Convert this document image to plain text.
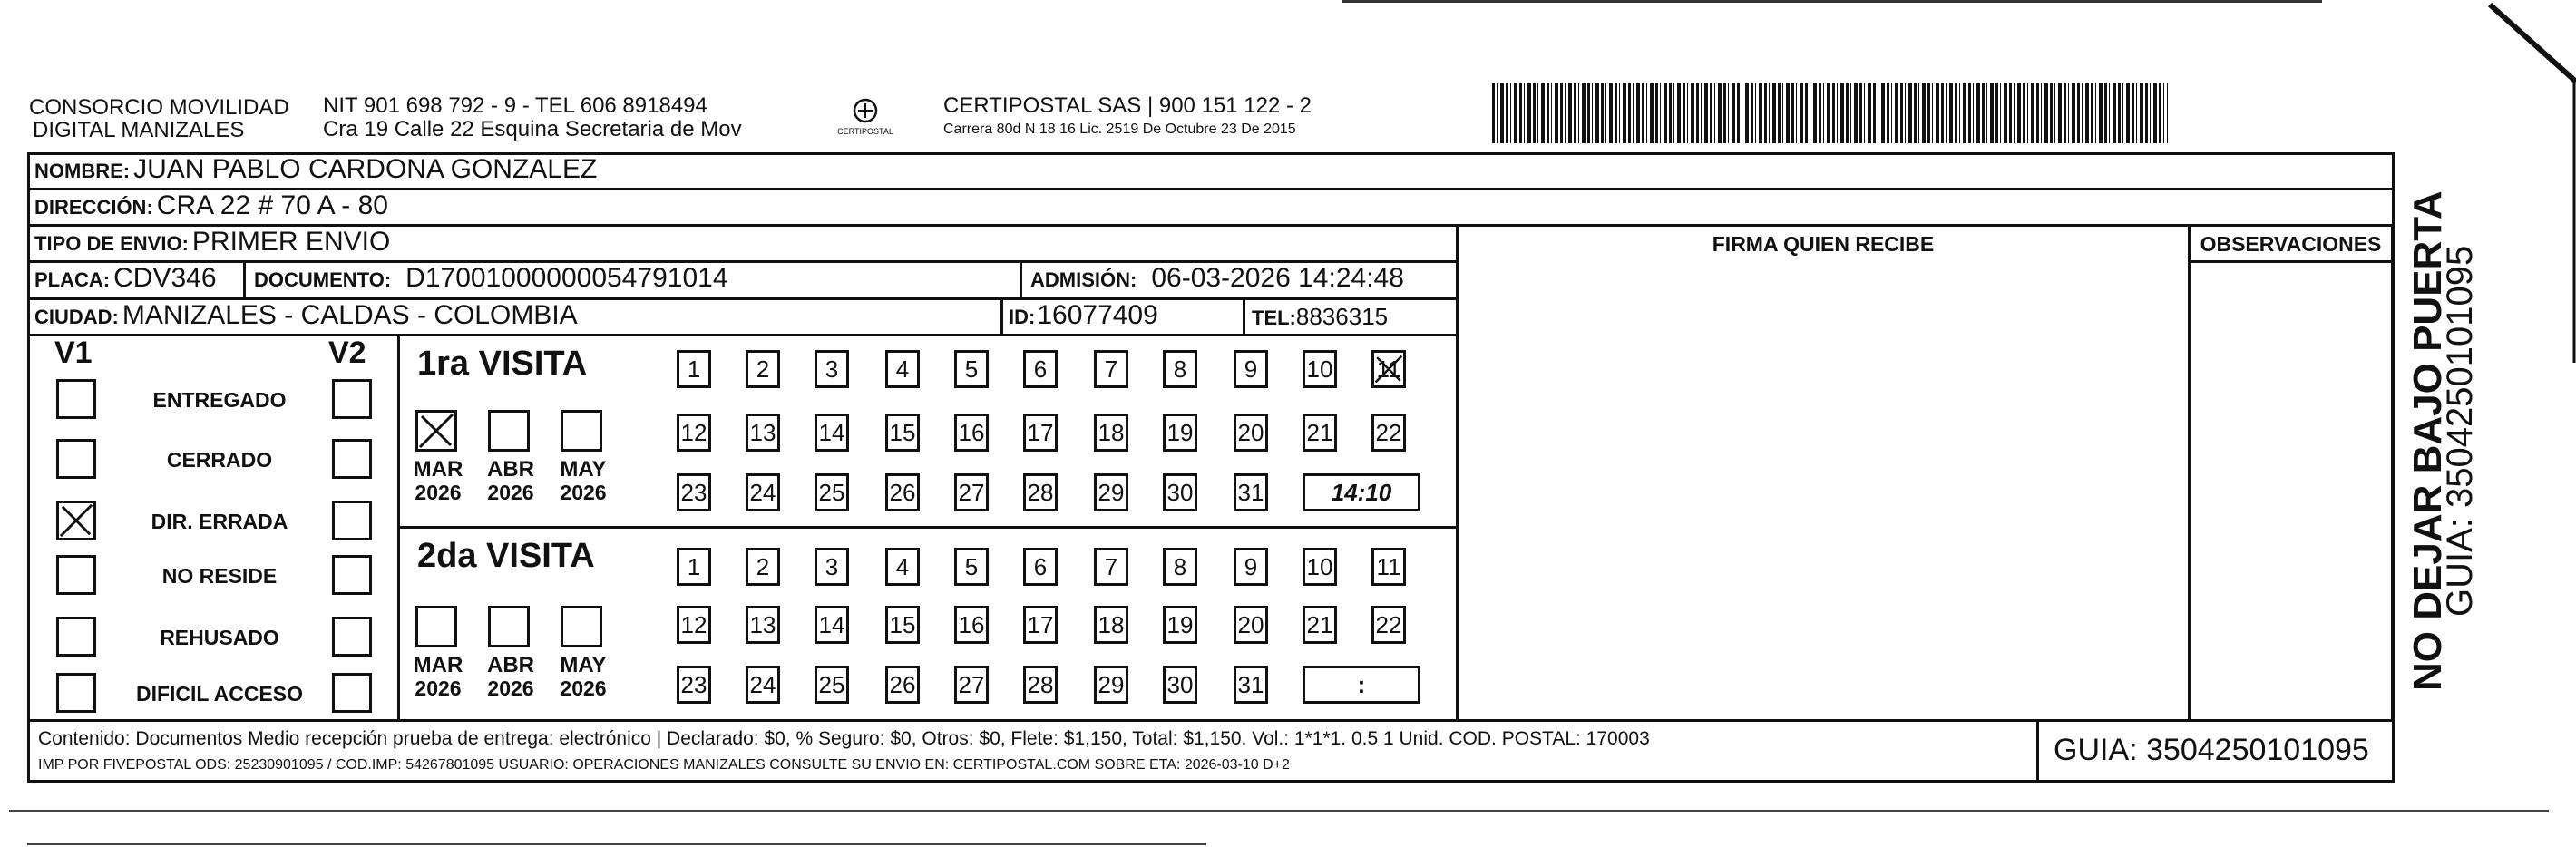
CONSORCIO MOVILIDAD
DIGITAL MANIZALES
NIT 901 698 792 - 9 - TEL 606 8918494
Cra 19 Calle 22 Esquina Secretaria de Mov	CERTIPOSTAL
CERTIPOSTAL SAS | 900 151 122 - 2
Carrera 80d N 18 16 Lic. 2519 De Octubre 23 De 2015
NOMBRE: JUAN PABLO CARDONA GONZALEZ
DIRECCIÓN: CRA 22 # 70 A - 80
TIPO DE ENVIO: PRIMER ENVIO	FIRMA QUIEN RECIBE	OBSERVACIONES
PLACA: CDV346 DOCUMENTO: D17001000000054791014	ADMISIÓN: 06-03-2026 14:24:48
CIUDAD: MANIZALES - CALDAS - COLOMBIA	ID: 16077409	TEL: 8836315
V1	V2 1ra VISITA
2da VISITA
Contenido: Documentos Medio recepción prueba de entrega: electrónico | Declarado: $0, % Seguro: $0, Otros: $0, Flete: $1,150, Total: $1,150. Vol.: 1*1*1. 0.5 1 Unid. COD. POSTAL: 170003
IMP POR FIVEPOSTAL ODS: 25230901095 / COD.IMP: 54267801095 USUARIO: OPERACIONES MANIZALES CONSULTE SU ENVIO EN: CERTIPOSTAL.COM SOBRE ETA: 2026-03-10 D+2	GUIA: 3504250101095
NO DEJAR BAJO PUERTA
GUIA: 3504250101095
ENTREGADO
CERRADO
DIR. ERRADA
NO RESIDE
REHUSADO
DIFICIL ACCESO
MAR
2026
ABR
2026
MAY
2026
MAR
2026
ABR
2026
MAY
2026
1	2	3	4	5	6	7	8	9	10 11
12 13 14 15 16 17 18 19 20 21 22
23 24 25 26 27 28 29 30 31	14:10
1	2	3	4	5	6	7	8	9	10 11
12 13 14 15 16 17 18 19 20 21 22
23 24 25 26 27 28 29 30 31	:
